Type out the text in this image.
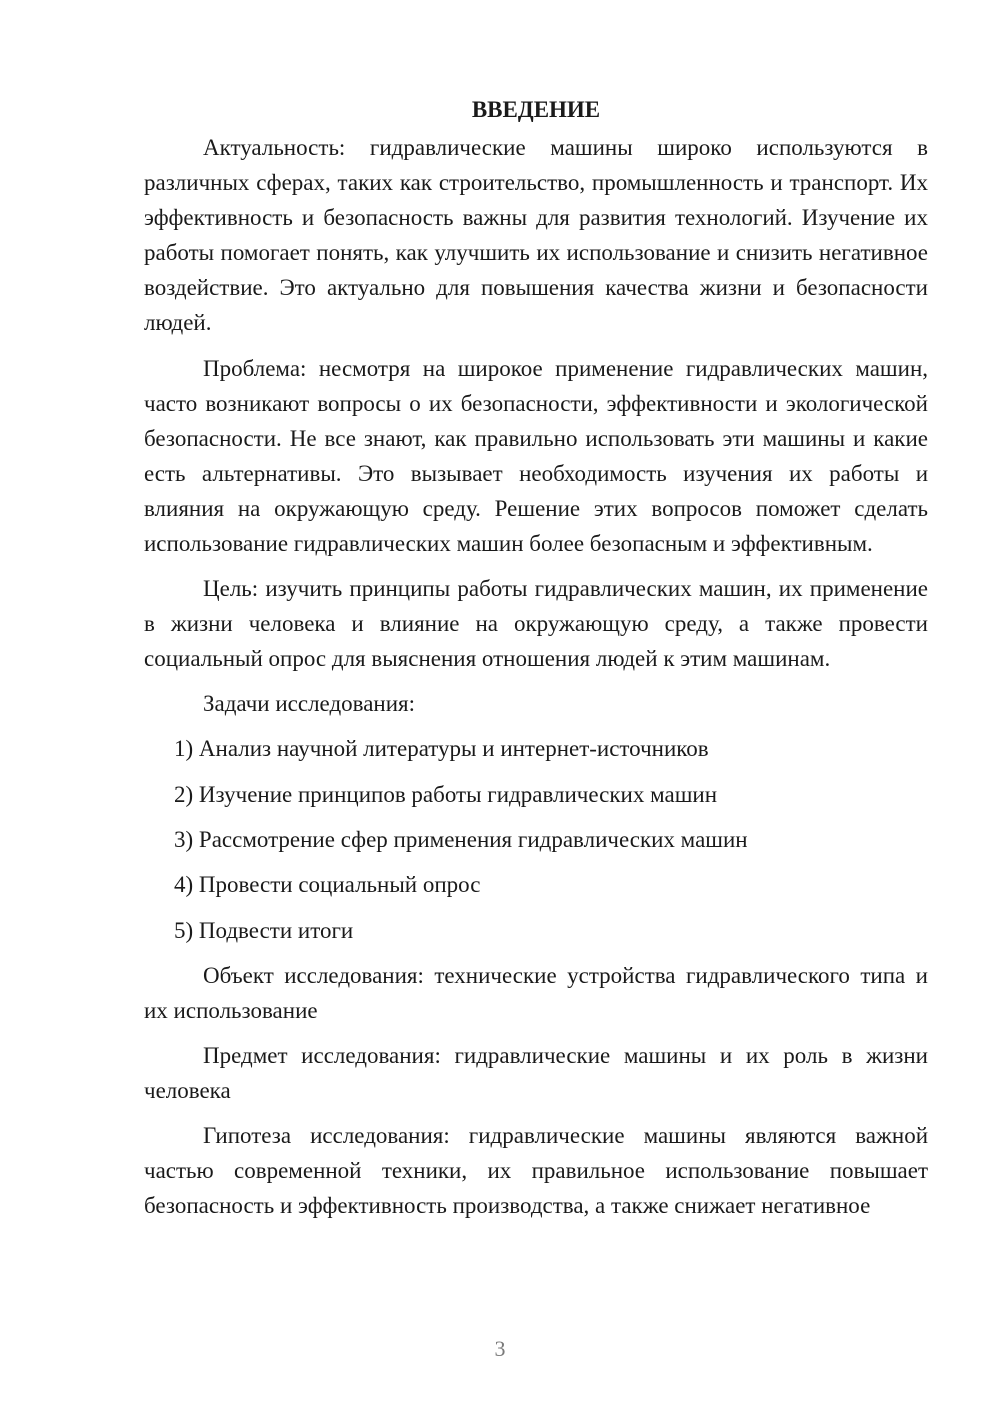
ВВЕДЕНИЕ

Актуальность: гидравлические машины широко используются в различных сферах, таких как строительство, промышленность и транспорт. Их эффективность и безопасность важны для развития технологий. Изучение их работы помогает понять, как улучшить их использование и снизить негативное воздействие. Это актуально для повышения качества жизни и безопасности людей.

Проблема: несмотря на широкое применение гидравлических машин, часто возникают вопросы о их безопасности, эффективности и экологической безопасности. Не все знают, как правильно использовать эти машины и какие есть альтернативы. Это вызывает необходимость изучения их работы и влияния на окружающую среду. Решение этих вопросов поможет сделать использование гидравлических машин более безопасным и эффективным.

Цель: изучить принципы работы гидравлических машин, их применение в жизни человека и влияние на окружающую среду, а также провести социальный опрос для выяснения отношения людей к этим машинам.

Задачи исследования:

1) Анализ научной литературы и интернет-источников
2) Изучение принципов работы гидравлических машин
3) Рассмотрение сфер применения гидравлических машин
4) Провести социальный опрос
5) Подвести итоги

Объект исследования: технические устройства гидравлического типа и их использование

Предмет исследования: гидравлические машины и их роль в жизни человека

Гипотеза исследования: гидравлические машины являются важной частью современной техники, их правильное использование повышает безопасность и эффективность производства, а также снижает негативное

3
